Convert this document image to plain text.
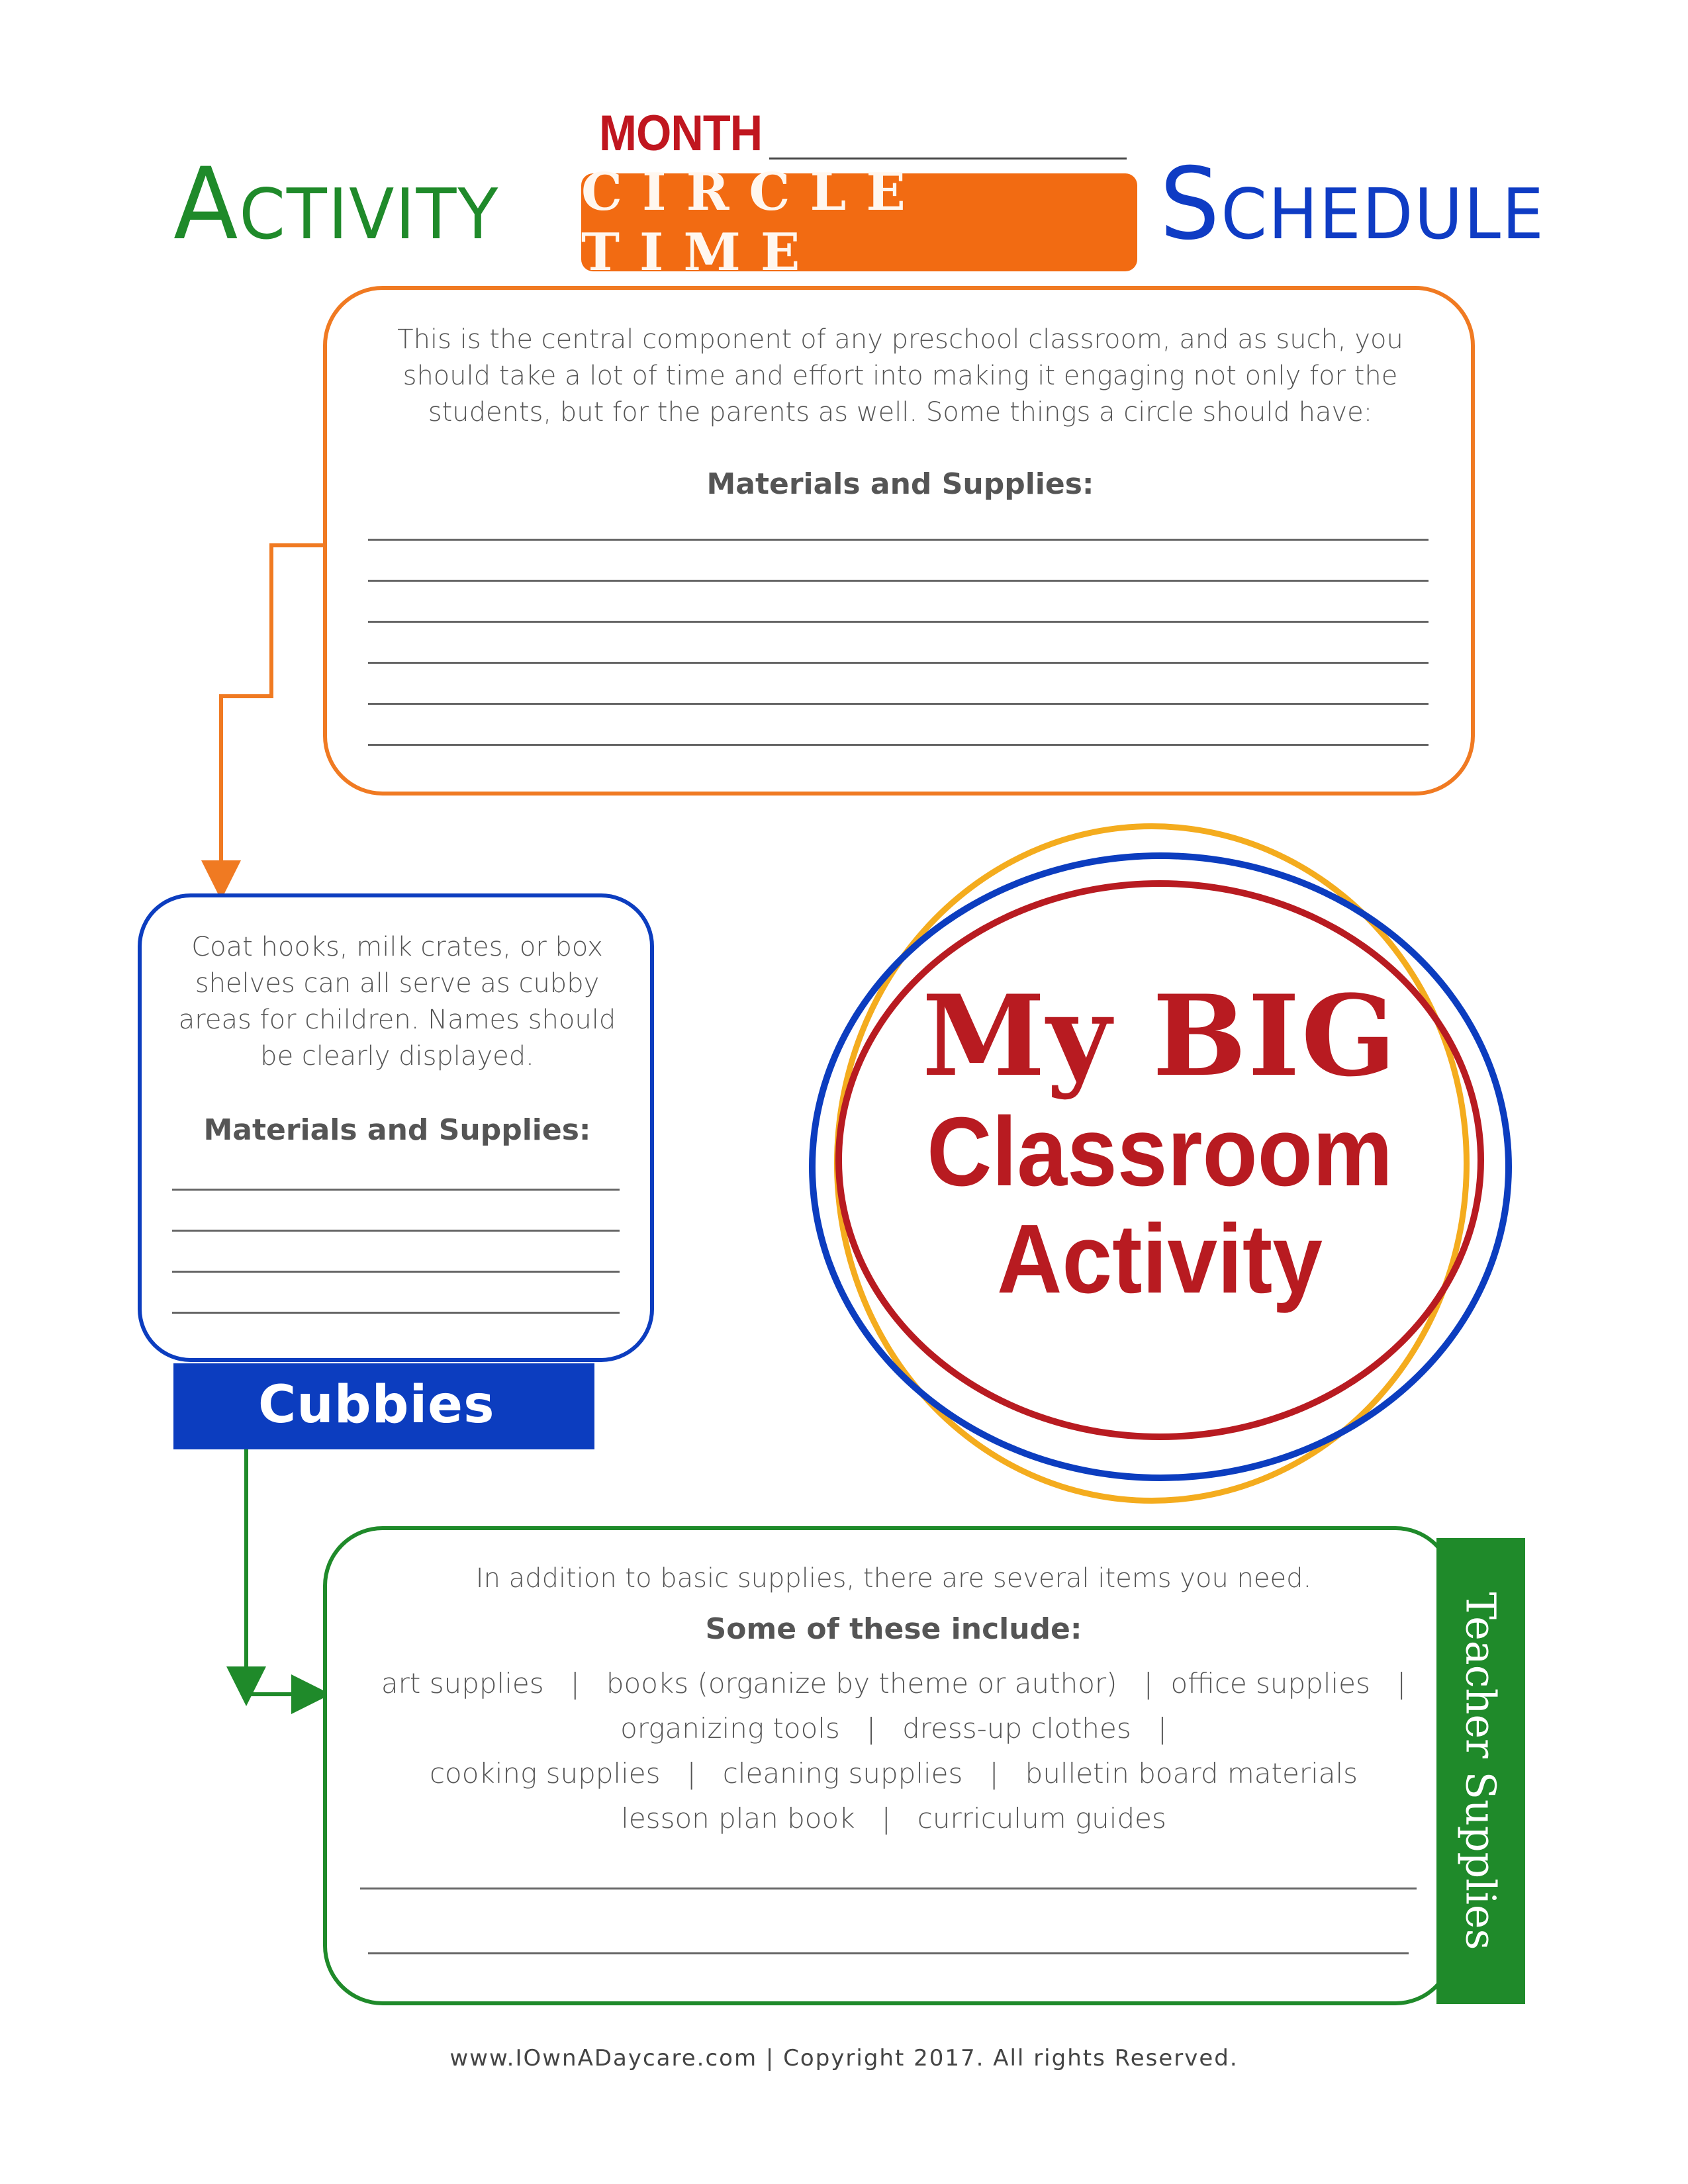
MONTH
Activity CIRCLE TIME	Schedule
This is the central component of any preschool classroom, and as such, you should take a lot of time and effort into making it engaging not only for the students, but for the parents as well. Some things a circle should have:
Materials and Supplies:
Coat hooks, milk crates, or box shelves can all serve as cubby areas for children. Names should be clearly displayed.
Materials and Supplies:
Cubbies
My BIG
Classroom
Activity
Teacher Supplies
In addition to basic supplies, there are several items you need.
Some of these include:
art supplies   |   books (organize by theme or author)   |  office supplies   |
organizing tools   |   dress-up clothes   |
cooking supplies   |   cleaning supplies   |   bulletin board materials
lesson plan book   |   curriculum guides
www.IOwnADaycare.com | Copyright 2017. All rights Reserved.
